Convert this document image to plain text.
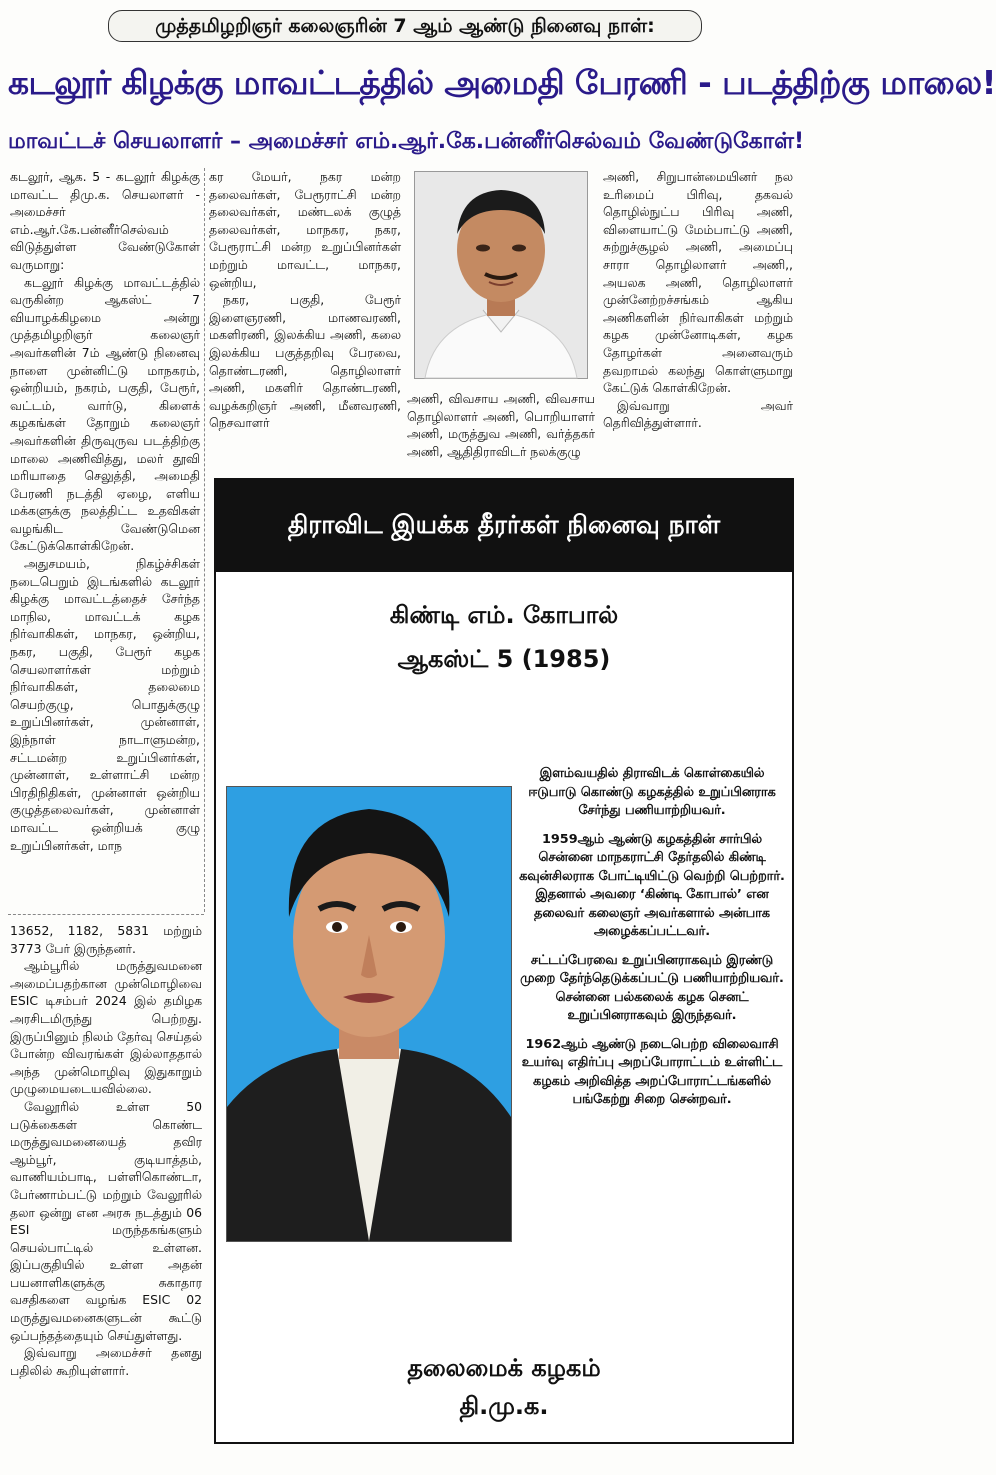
முத்தமிழறிஞர் கலைஞரின் 7 ஆம் ஆண்டு நினைவு நாள்:
கடலூர் கிழக்கு மாவட்டத்தில் அமைதி பேரணி - படத்திற்கு மாலை!
மாவட்டச் செயலாளர் – அமைச்சர் எம்.ஆர்.கே.பன்னீர்செல்வம் வேண்டுகோள்!

கடலூர், ஆக. 5 - கடலூர் கிழக்கு மாவட்ட திமு.க. செயலாளர் - அமைச்சர் எம்.ஆர்.கே.பன்னீர்செல்வம் விடுத்துள்ள வேண்டுகோள் வருமாறு:

கடலூர் கிழக்கு மாவட்டத்தில் வருகின்ற ஆகஸ்ட் 7 வியாழக்கிழமை அன்று முத்தமிழறிஞர் கலைஞர் அவர்களின் 7ம் ஆண்டு நினைவு நாளை முன்னிட்டு மாநகரம், ஒன்றியம், நகரம், பகுதி, பேரூர், வட்டம், வார்டு, கிளைக் கழகங்கள் தோறும் கலைஞர் அவர்களின் திருவுருவ படத்திற்கு மாலை அணிவித்து, மலர் தூவி மரியாதை செலுத்தி, அமைதி பேரணி நடத்தி ஏழை, எளிய மக்களுக்கு நலத்திட்ட உதவிகள் வழங்கிட வேண்டுமென கேட்டுக்கொள்கிறேன்.

அதுசமயம், நிகழ்ச்சிகள் நடைபெறும் இடங்களில் கடலூர் கிழக்கு மாவட்டத்தைச் சேர்ந்த மாநில, மாவட்டக் கழக நிர்வாகிகள், மாநகர, ஒன்றிய, நகர, பகுதி, பேரூர் கழக செயலாளர்கள் மற்றும் நிர்வாகிகள், தலைமை செயற்குழு, பொதுக்குழு உறுப்பினர்கள், முன்னாள், இந்நாள் நாடாளுமன்ற, சட்டமன்ற உறுப்பினர்கள், முன்னாள், உள்ளாட்சி மன்ற பிரதிநிதிகள், முன்னாள் ஒன்றிய குழுத்தலைவர்கள், முன்னாள் மாவட்ட ஒன்றியக் குழு உறுப்பினர்கள், மாந

13652, 1182, 5831 மற்றும் 3773 பேர் இருந்தனர்.

ஆம்பூரில் மருத்துவமனை அமைப்பதற்கான முன்மொழிவை ESIC டிசம்பர் 2024 இல் தமிழக அரசிடமிருந்து பெற்றது. இருப்பினும் நிலம் தேர்வு செய்தல் போன்ற விவரங்கள் இல்லாததால் அந்த முன்மொழிவு இதுகாறும் முழுமையடையவில்லை.

வேலூரில் உள்ள 50 படுக்கைகள் கொண்ட மருத்துவமனையைத் தவிர ஆம்பூர், குடியாத்தம், வாணியம்பாடி, பள்ளிகொண்டா, பேர்ணாம்பட்டு மற்றும் வேலூரில் தலா ஒன்று என அரசு நடத்தும் 06 ESI மருந்தகங்களும் செயல்பாட்டில் உள்ளன. இப்பகுதியில் உள்ள அதன் பயனாளிகளுக்கு சுகாதார வசதிகளை வழங்க ESIC 02 மருத்துவமனைகளுடன் கூட்டு ஒப்பந்தத்தையும் செய்துள்ளது.

இவ்வாறு அமைச்சர் தனது பதிலில் கூறியுள்ளார்.

கர மேயர், நகர மன்ற தலைவர்கள், பேரூராட்சி மன்ற தலைவர்கள், மண்டலக் குழுத் தலைவர்கள், மாநகர, நகர, பேரூராட்சி மன்ற உறுப்பினர்கள் மற்றும் மாவட்ட, மாநகர, ஒன்றிய,

நகர, பகுதி, பேரூர் இளைஞரணி, மாணவரணி, மகளிரணி, இலக்கிய அணி, கலை இலக்கிய பகுத்தறிவு பேரவை, தொண்டரணி, தொழிலாளர் அணி, மகளிர் தொண்டரணி, வழக்கறிஞர் அணி, மீனவரணி, நெசவாளர்

அணி, விவசாய அணி, விவசாய தொழிலாளர் அணி, பொறியாளர் அணி, மருத்துவ அணி, வர்த்தகர் அணி, ஆதிதிராவிடர் நலக்குழு

அணி, சிறுபான்மையினர் நல உரிமைப் பிரிவு, தகவல் தொழில்நுட்ப பிரிவு அணி, விளையாட்டு மேம்பாட்டு அணி, சுற்றுச்சூழல் அணி, அமைப்பு சாரா தொழிலாளர் அணி,, அயலக அணி, தொழிலாளர் முன்னேற்றச்சங்கம் ஆகிய அணிகளின் நிர்வாகிகள் மற்றும் கழக முன்னோடிகள், கழக தோழர்கள் அனைவரும் தவறாமல் கலந்து கொள்ளுமாறு கேட்டுக் கொள்கிறேன்.

இவ்வாறு அவர் தெரிவித்துள்ளார்.

திராவிட இயக்க தீரர்கள் நினைவு நாள்
கிண்டி எம். கோபால்
ஆகஸ்ட் 5 (1985)

இளம்வயதில் திராவிடக் கொள்கையில் ஈடுபாடு கொண்டு கழகத்தில் உறுப்பினராக சேர்ந்து பணியாற்றியவர்.

1959ஆம் ஆண்டு கழகத்தின் சார்பில் சென்னை மாநகராட்சி தேர்தலில் கிண்டி கவுன்சிலராக போட்டியிட்டு வெற்றி பெற்றார். இதனால் அவரை ‘கிண்டி கோபால்’ என தலைவர் கலைஞர் அவர்களால் அன்பாக அழைக்கப்பட்டவர்.

சட்டப்பேரவை உறுப்பினராகவும் இரண்டு முறை தேர்ந்தெடுக்கப்பட்டு பணியாற்றியவர். சென்னை பல்கலைக் கழக செனட் உறுப்பினராகவும் இருந்தவர்.

1962ஆம் ஆண்டு நடைபெற்ற விலைவாசி உயர்வு எதிர்ப்பு அறப்போராட்டம் உள்ளிட்ட கழகம் அறிவித்த அறப்போராட்டங்களில் பங்கேற்று சிறை சென்றவர்.

தலைமைக் கழகம்
தி.மு.க.
